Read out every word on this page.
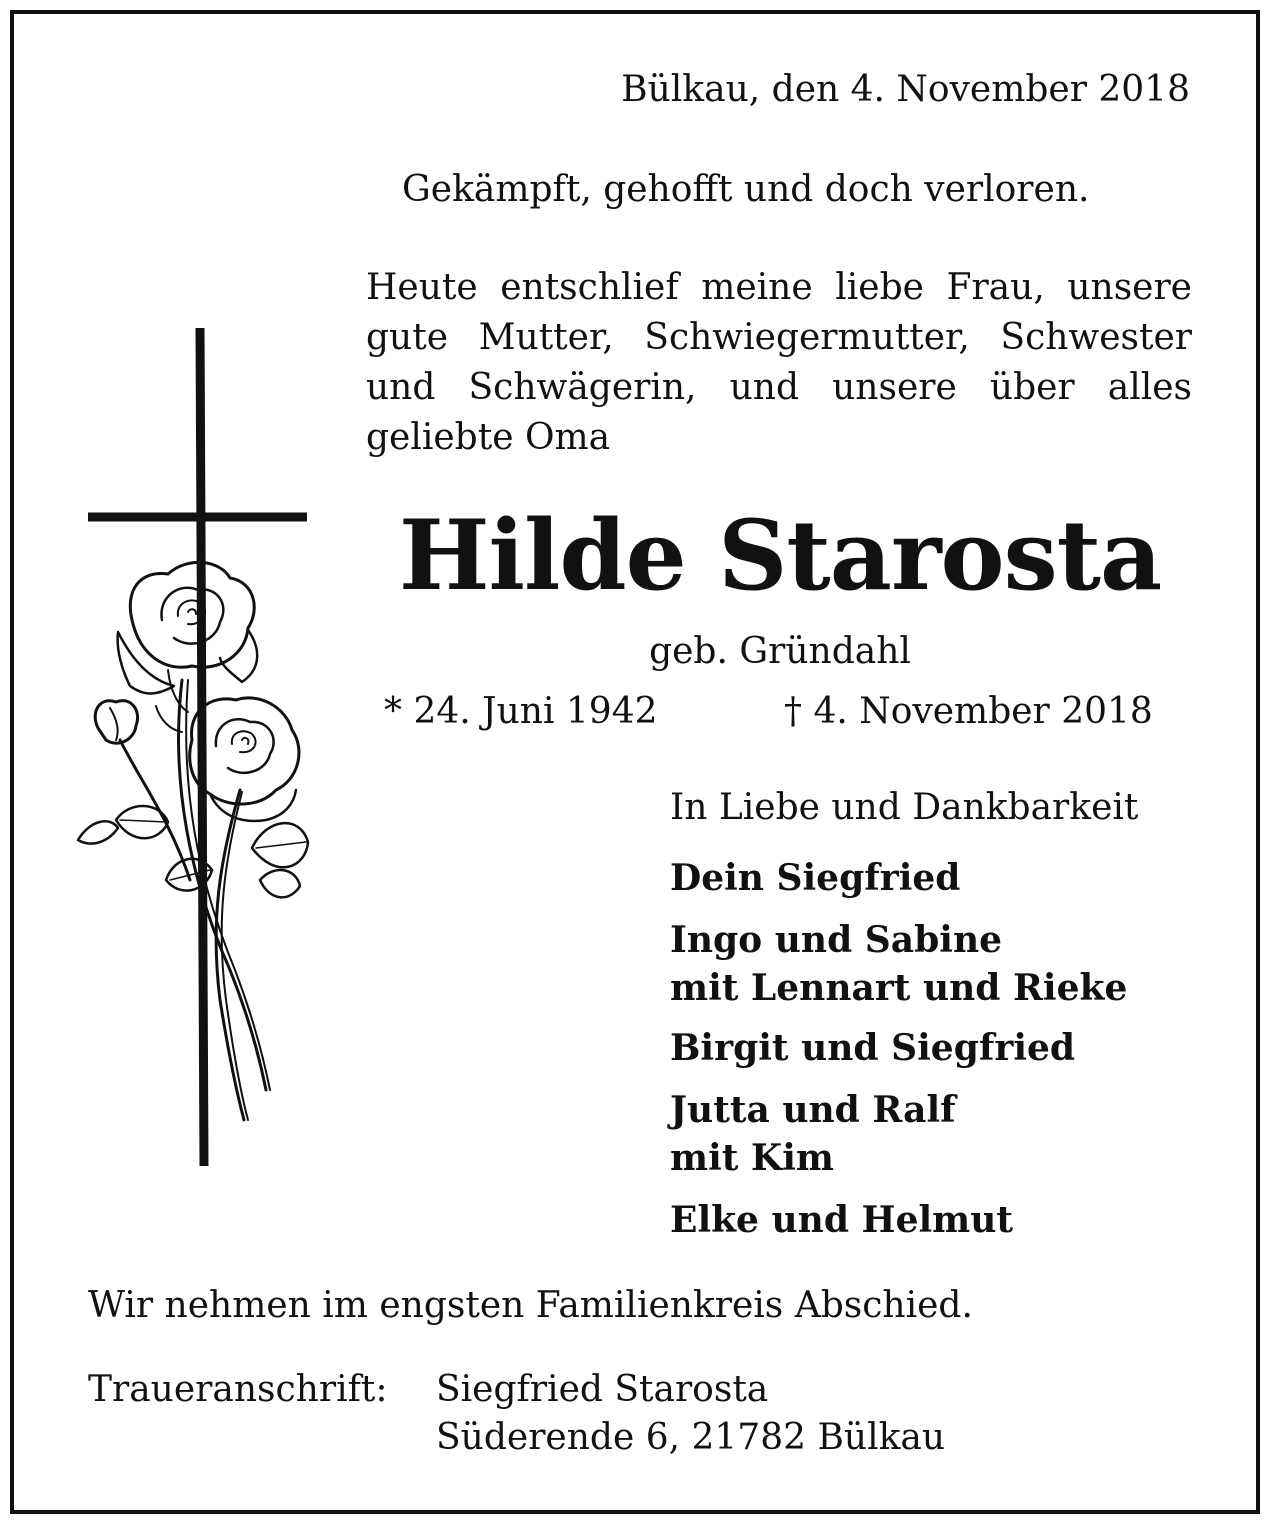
Bülkau, den 4. November 2018
Gekämpft, gehofft und doch verloren.
Heute entschlief meine liebe Frau, unsere
gute Mutter, Schwiegermutter, Schwester
und Schwägerin, und unsere über alles
geliebte Oma
Hilde Starosta
geb. Gründahl
* 24. Juni 1942	† 4. November 2018
In Liebe und Dankbarkeit
Dein Siegfried
Ingo und Sabine
mit Lennart und Rieke
Birgit und Siegfried
Jutta und Ralf
mit Kim
Elke und Helmut
Wir nehmen im engsten Familienkreis Abschied.
Traueranschrift: Siegfried Starosta
Süderende 6, 21782 Bülkau
